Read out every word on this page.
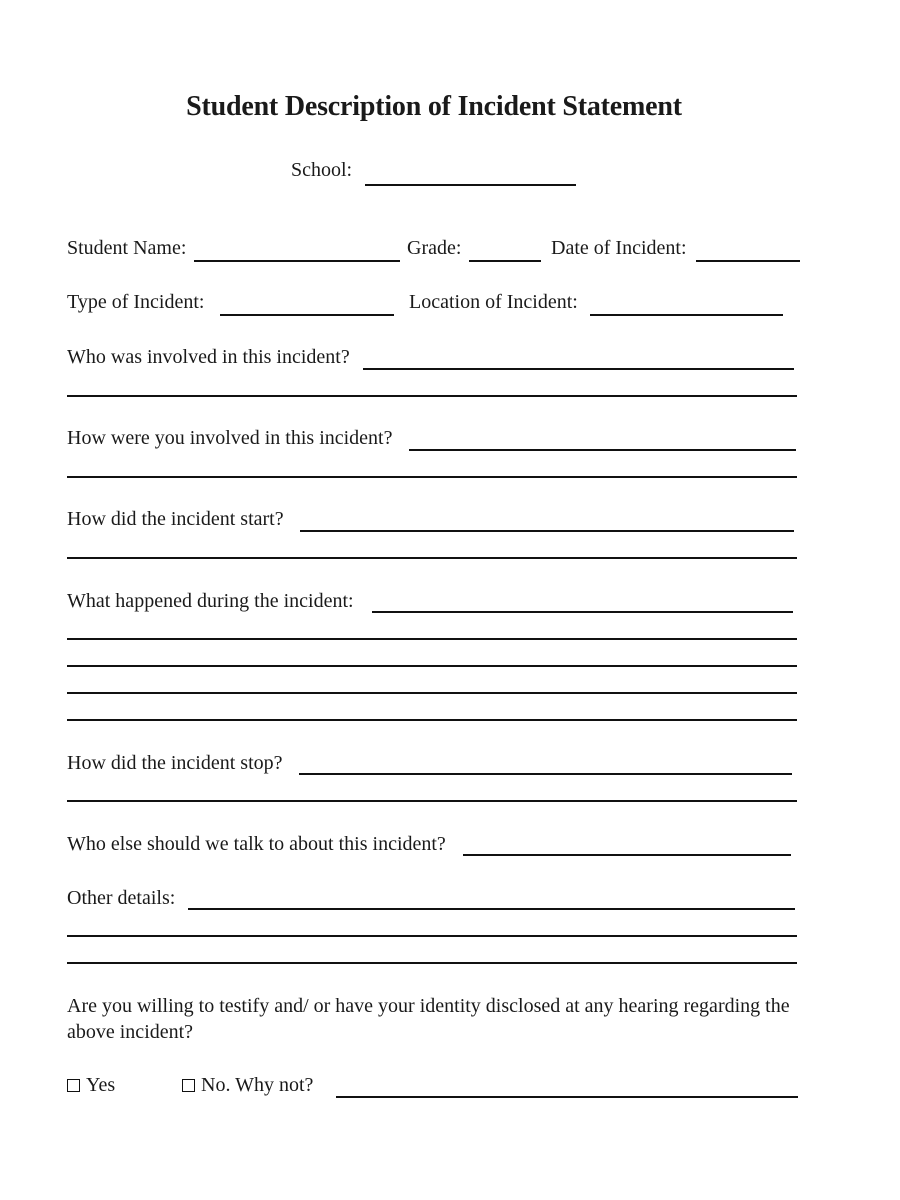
Student Description of Incident Statement
School:
Student Name:	Grade:	Date of Incident:
Type of Incident:	Location of Incident:
Who was involved in this incident?
How were you involved in this incident?
How did the incident start?
What happened during the incident:
How did the incident stop?
Who else should we talk to about this incident?
Other details:
Are you willing to testify and/ or have your identity disclosed at any hearing regarding the above incident?
Yes	No. Why not?
